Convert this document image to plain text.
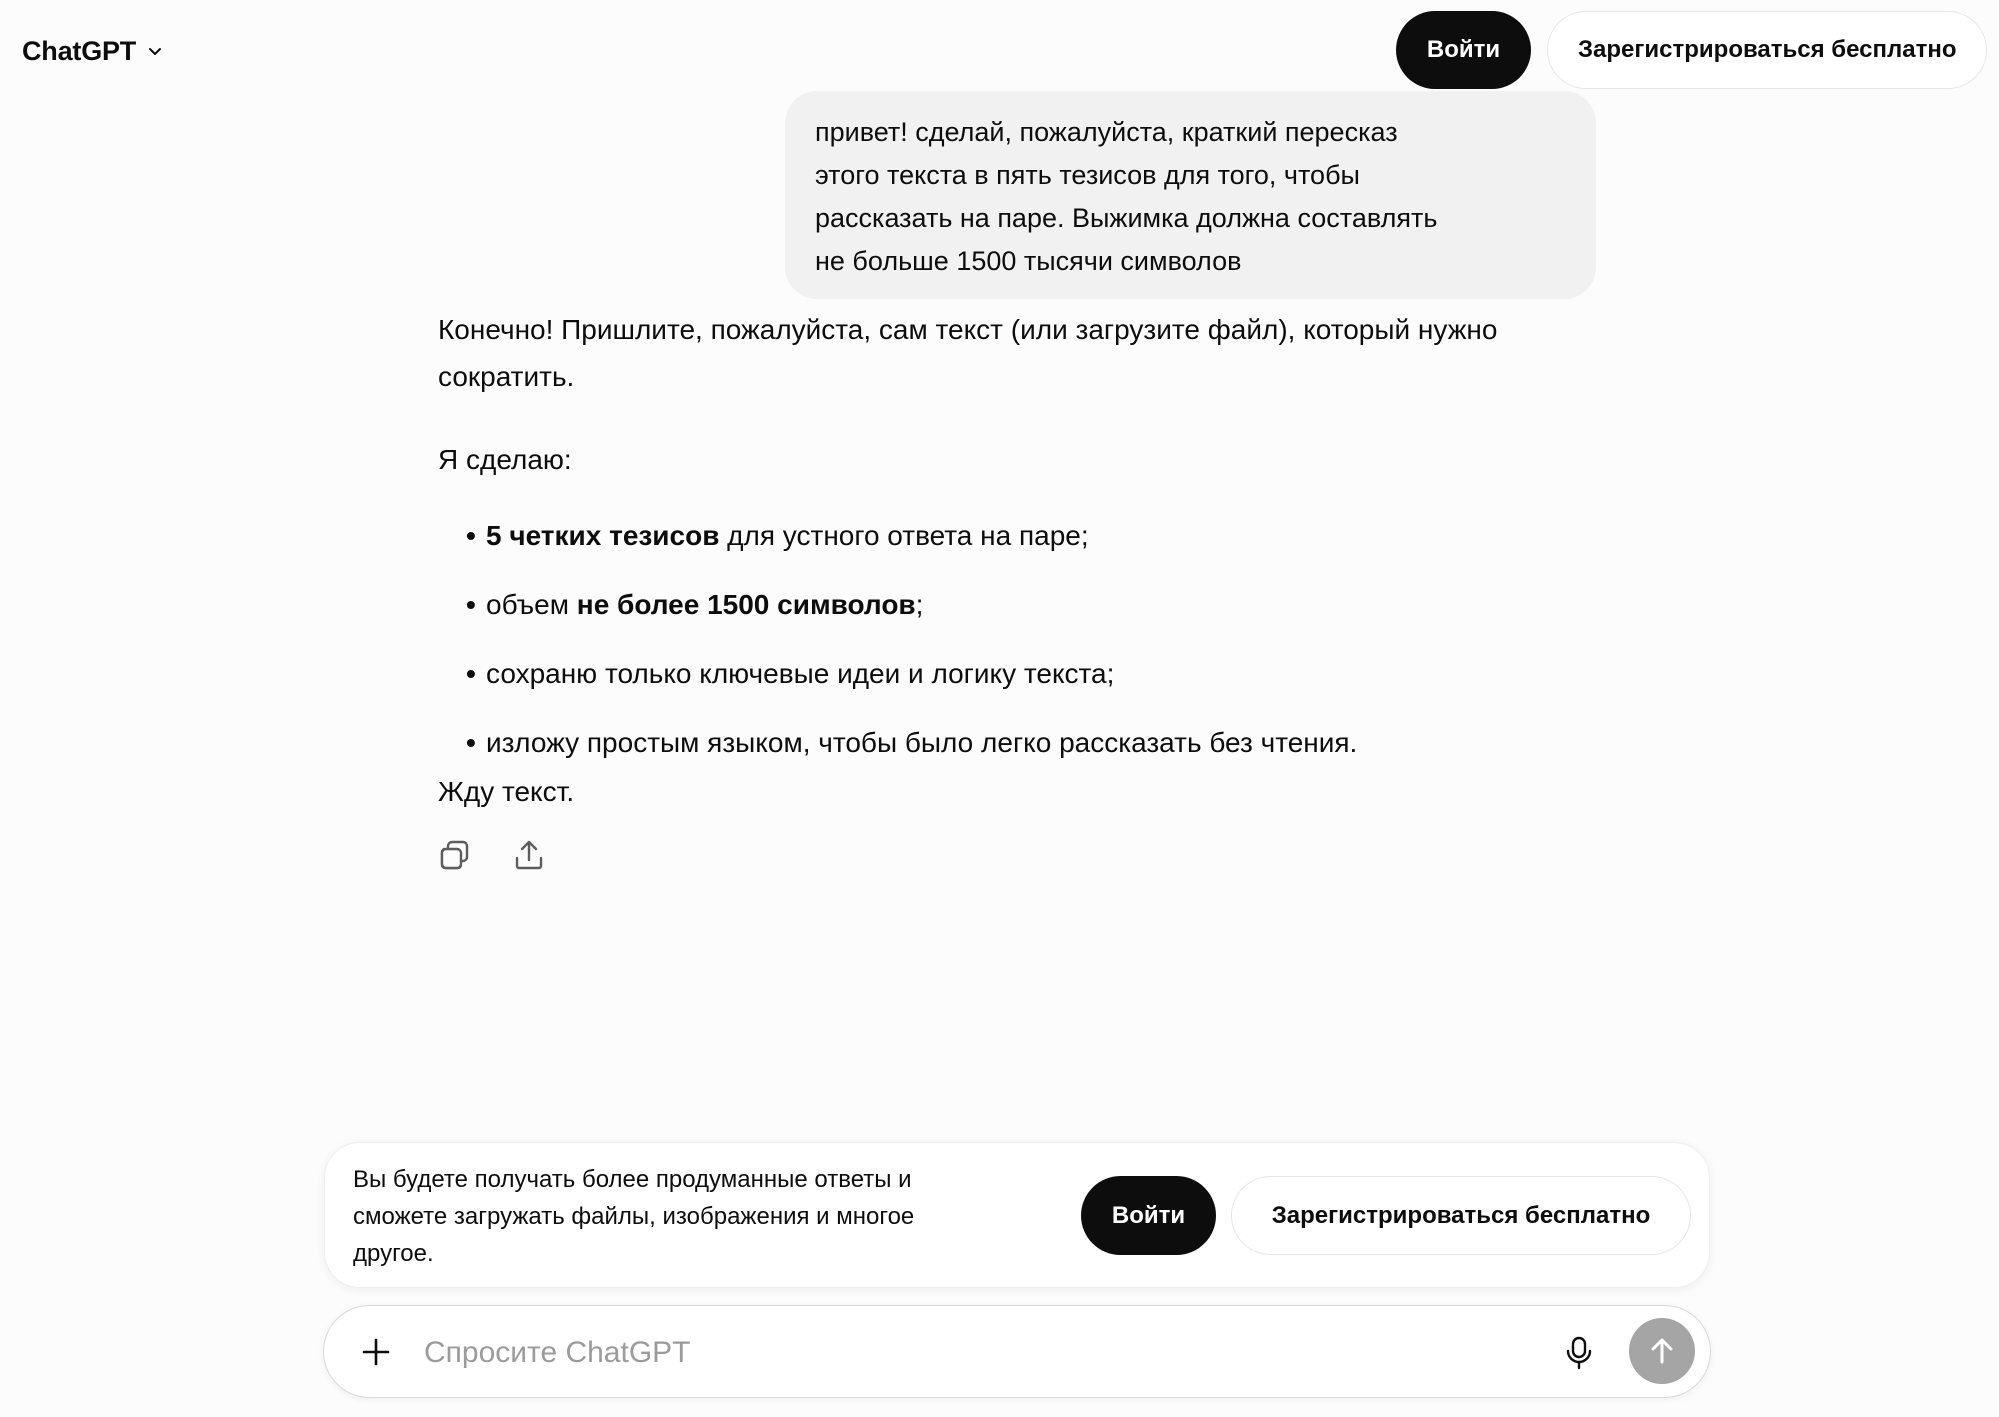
ChatGPT	Войти	Зарегистрироваться бесплатно

привет! сделай, пожалуйста, краткий пересказ

этого текста в пять тезисов для того, чтобы

рассказать на паре. Выжимка должна составлять

не больше 1500 тысячи символов

Конечно! Пришлите, пожалуйста, сам текст (или загрузите файл), который нужно сократить.

Я сделаю:

• 5 четких тезисов для устного ответа на паре;
• объем не более 1500 символов;
• сохраню только ключевые идеи и логику текста;
• изложу простым языком, чтобы было легко рассказать без чтения.

Жду текст.

Вы будете получать более продуманные ответы и сможете загружать файлы, изображения и многое другое.

Войти	Зарегистрироваться бесплатно
Спросите ChatGPT
